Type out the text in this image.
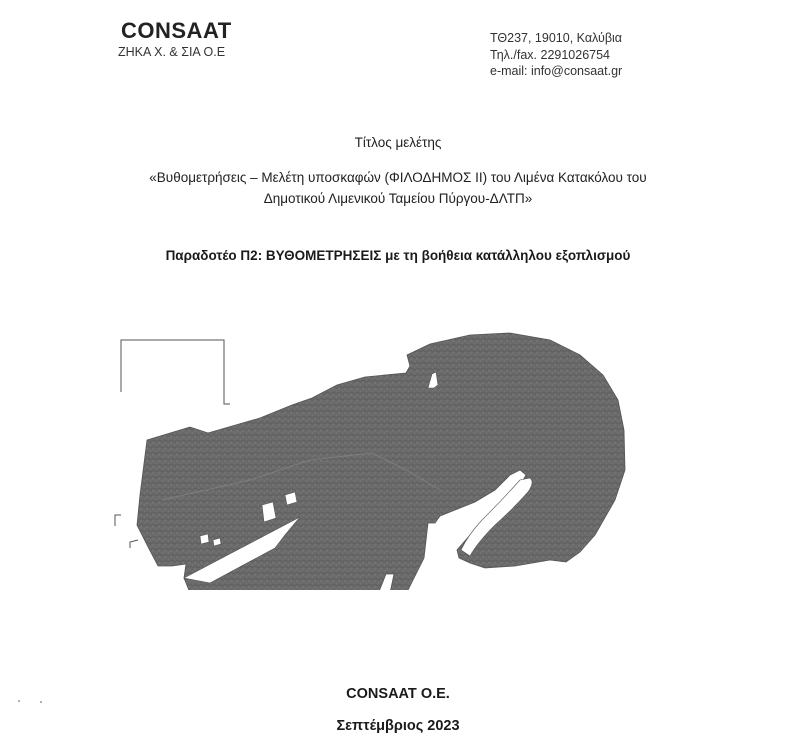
CONSAAT
ΖΗΚΑ Χ. & ΣΙΑ Ο.Ε
ΤΘ237, 19010, Καλύβια
Τηλ./fax. 2291026754
e-mail: info@consaat.gr
Τίτλος μελέτης
«Βυθομετρήσεις – Μελέτη υποσκαφών (ΦΙΛΟΔΗΜΟΣ ΙΙ) του Λιμένα Κατακόλου του
Δημοτικού Λιμενικού Ταμείου Πύργου-ΔΛΤΠ»
Παραδοτέο Π2: ΒΥΘΟΜΕΤΡΗΣΕΙΣ με τη βοήθεια κατάλληλου εξοπλισμού
CONSAAT O.E.
Σεπτέμβριος 2023
